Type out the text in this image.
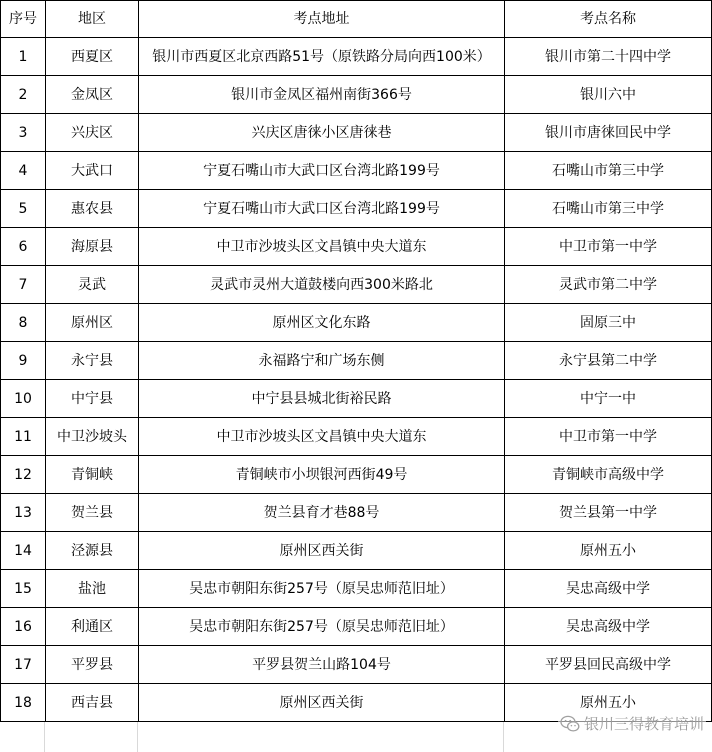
序号	地区	考点地址	考点名称
1	西夏区	银川市西夏区北京西路51号（原铁路分局向西100米）	银川市第二十四中学
2	金凤区	银川市金凤区福州南街366号	银川六中
3	兴庆区	兴庆区唐徕小区唐徕巷	银川市唐徕回民中学
4	大武口	宁夏石嘴山市大武口区台湾北路199号	石嘴山市第三中学
5	惠农县	宁夏石嘴山市大武口区台湾北路199号	石嘴山市第三中学
6	海原县	中卫市沙坡头区文昌镇中央大道东	中卫市第一中学
7	灵武	灵武市灵州大道鼓楼向西300米路北	灵武市第二中学
8	原州区	原州区文化东路	固原三中
9	永宁县	永福路宁和广场东侧	永宁县第二中学
10	中宁县	中宁县县城北街裕民路	中宁一中
11	中卫沙坡头	中卫市沙坡头区文昌镇中央大道东	中卫市第一中学
12	青铜峡	青铜峡市小坝银河西街49号	青铜峡市高级中学
13	贺兰县	贺兰县育才巷88号	贺兰县第一中学
14	泾源县	原州区西关街	原州五小
15	盐池	吴忠市朝阳东街257号（原吴忠师范旧址）	吴忠高级中学
16	利通区	吴忠市朝阳东街257号（原吴忠师范旧址）	吴忠高级中学
17	平罗县	平罗县贺兰山路104号	平罗县回民高级中学
18	西吉县	原州区西关街	原州五小
银川三得教育培训
